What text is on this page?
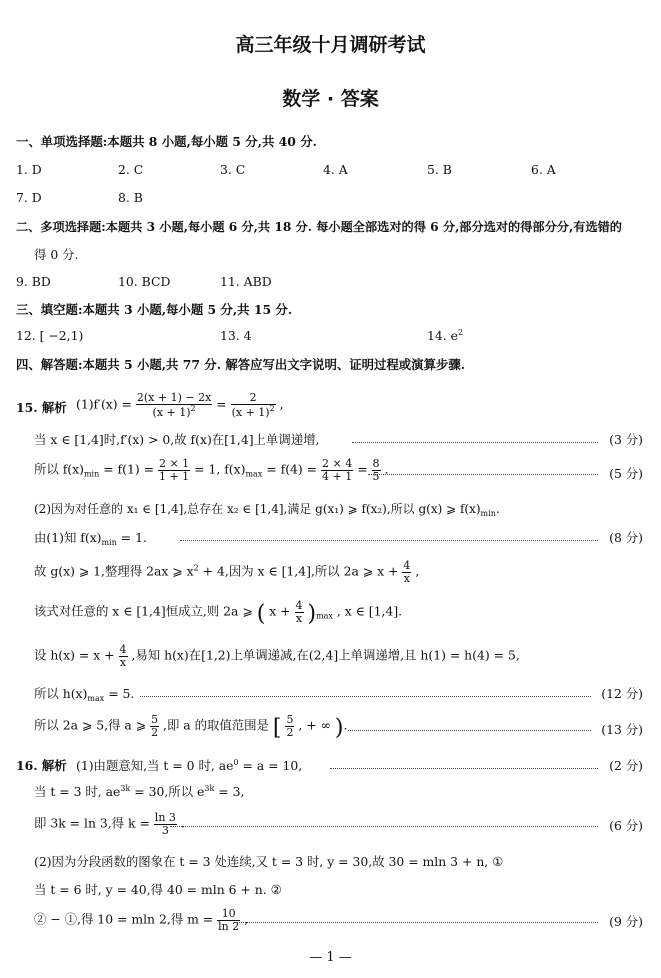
高三年级十月调研考试
数学 · 答案
一、单项选择题:本题共 8 小题,每小题 5 分,共 40 分.
1. D	2. C	3. C	4. A	5. B	6. A
7. D	8. B
二、多项选择题:本题共 3 小题,每小题 6 分,共 18 分. 每小题全部选对的得 6 分,部分选对的得部分分,有选错的
得 0 分.
9. BD	10. BCD	11. ABD
三、填空题:本题共 3 小题,每小题 5 分,共 15 分.
12. [ −2,1)	13. 4	14. $e^2$
四、解答题:本题共 5 小题,共 77 分. 解答应写出文字说明、证明过程或演算步骤.
15. 解析 $(1)f'(x) = \frac{2(x + 1) - 2x}{(x + 1)^2} = \frac{2}{(x + 1)^2}$ ,
当 x ∈ [1,4]时,f′(x) > 0,故 f(x)在[1,4]上单调递增,	(3 分)
所以 $f(x)_{min} = f(1) = \frac{2 \times 1}{1 + 1} = 1$, $f(x)_{max} = f(4) = \frac{2 \times 4}{4 + 1} = \frac{8}{5}$ .	(5 分)
(2)因为对任意的 x₁ ∈ [1,4],总存在 x₂ ∈ [1,4],满足 g(x₁) ⩾ f(x₂),所以 g(x) ⩾ $f(x)_{min}$.
由(1)知 $f(x)_{min} = 1$.	(8 分)
故 g(x) ⩾ 1,整理得 2ax ⩾ $x^2 + 4$,因为 x ∈ [1,4],所以 2a ⩾ $x + \frac{4}{x}$ ,
该式对任意的 x ∈ [1,4]恒成立,则 2a ⩾ ( $x + \frac{4}{x} )_{max}$ , x ∈ [1,4].
设 $h(x) = x + \frac{4}{x}$ ,易知 h(x)在[1,2)上单调递减,在(2,4]上单调递增,且 h(1) = h(4) = 5,
所以 $h(x)_{max} = 5$.	(12 分)
所以 2a ⩾ 5,得 a ⩾ $\frac{5}{2}$ ,即 a 的取值范围是 [ $\frac{5}{2}$ , + ∞ ).	(13 分)
16. 解析 (1)由题意知,当 t = 0 时, $ae^0 = a = 10$,	(2 分)
当 t = 3 时, $ae^{3k} = 30$,所以 $e^{3k} = 3$,
即 3k = ln 3,得 $k = \frac{\ln 3}{3}$ .	(6 分)
(2)因为分段函数的图象在 t = 3 处连续,又 t = 3 时, y = 30,故 30 = mln 3 + n, ①
当 t = 6 时, y = 40,得 40 = mln 6 + n. ②
② − ①,得 10 = mln 2,得 $m = \frac{10}{\ln 2}$ ,	(9 分)
— 1 —
